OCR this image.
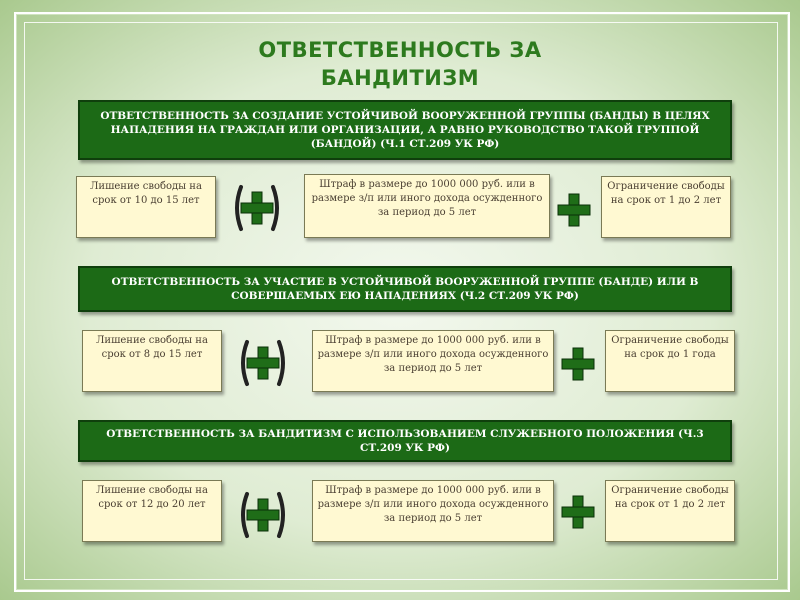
ОТВЕТСТВЕННОСТЬ ЗА
БАНДИТИЗМ
ОТВЕТСТВЕННОСТЬ ЗА СОЗДАНИЕ УСТОЙЧИВОЙ ВООРУЖЕННОЙ ГРУППЫ (БАНДЫ) В ЦЕЛЯХ НАПАДЕНИЯ НА ГРАЖДАН ИЛИ ОРГАНИЗАЦИИ, А РАВНО РУКОВОДСТВО ТАКОЙ ГРУППОЙ (БАНДОЙ) (Ч.1 СТ.209 УК РФ)
Лишение свободы на срок от 10 до 15 лет
Штраф в размере до 1000 000 руб. или в размере з/п или иного дохода осужденного за период до 5 лет
Ограничение свободы на срок от 1 до 2 лет
ОТВЕТСТВЕННОСТЬ ЗА УЧАСТИЕ В УСТОЙЧИВОЙ ВООРУЖЕННОЙ ГРУППЕ (БАНДЕ) ИЛИ В СОВЕРШАЕМЫХ ЕЮ НАПАДЕНИЯХ (Ч.2 СТ.209 УК РФ)
Лишение свободы на срок от 8 до 15 лет
Штраф в размере до 1000 000 руб. или в размере з/п или иного дохода осужденного за период до 5 лет
Ограничение свободы на срок до 1 года
ОТВЕТСТВЕННОСТЬ ЗА БАНДИТИЗМ С ИСПОЛЬЗОВАНИЕМ СЛУЖЕБНОГО ПОЛОЖЕНИЯ (Ч.3 СТ.209 УК РФ)
Лишение свободы на срок от 12 до 20 лет
Штраф в размере до 1000 000 руб. или в размере з/п или иного дохода осужденного за период до 5 лет
Ограничение свободы на срок от 1 до 2 лет
